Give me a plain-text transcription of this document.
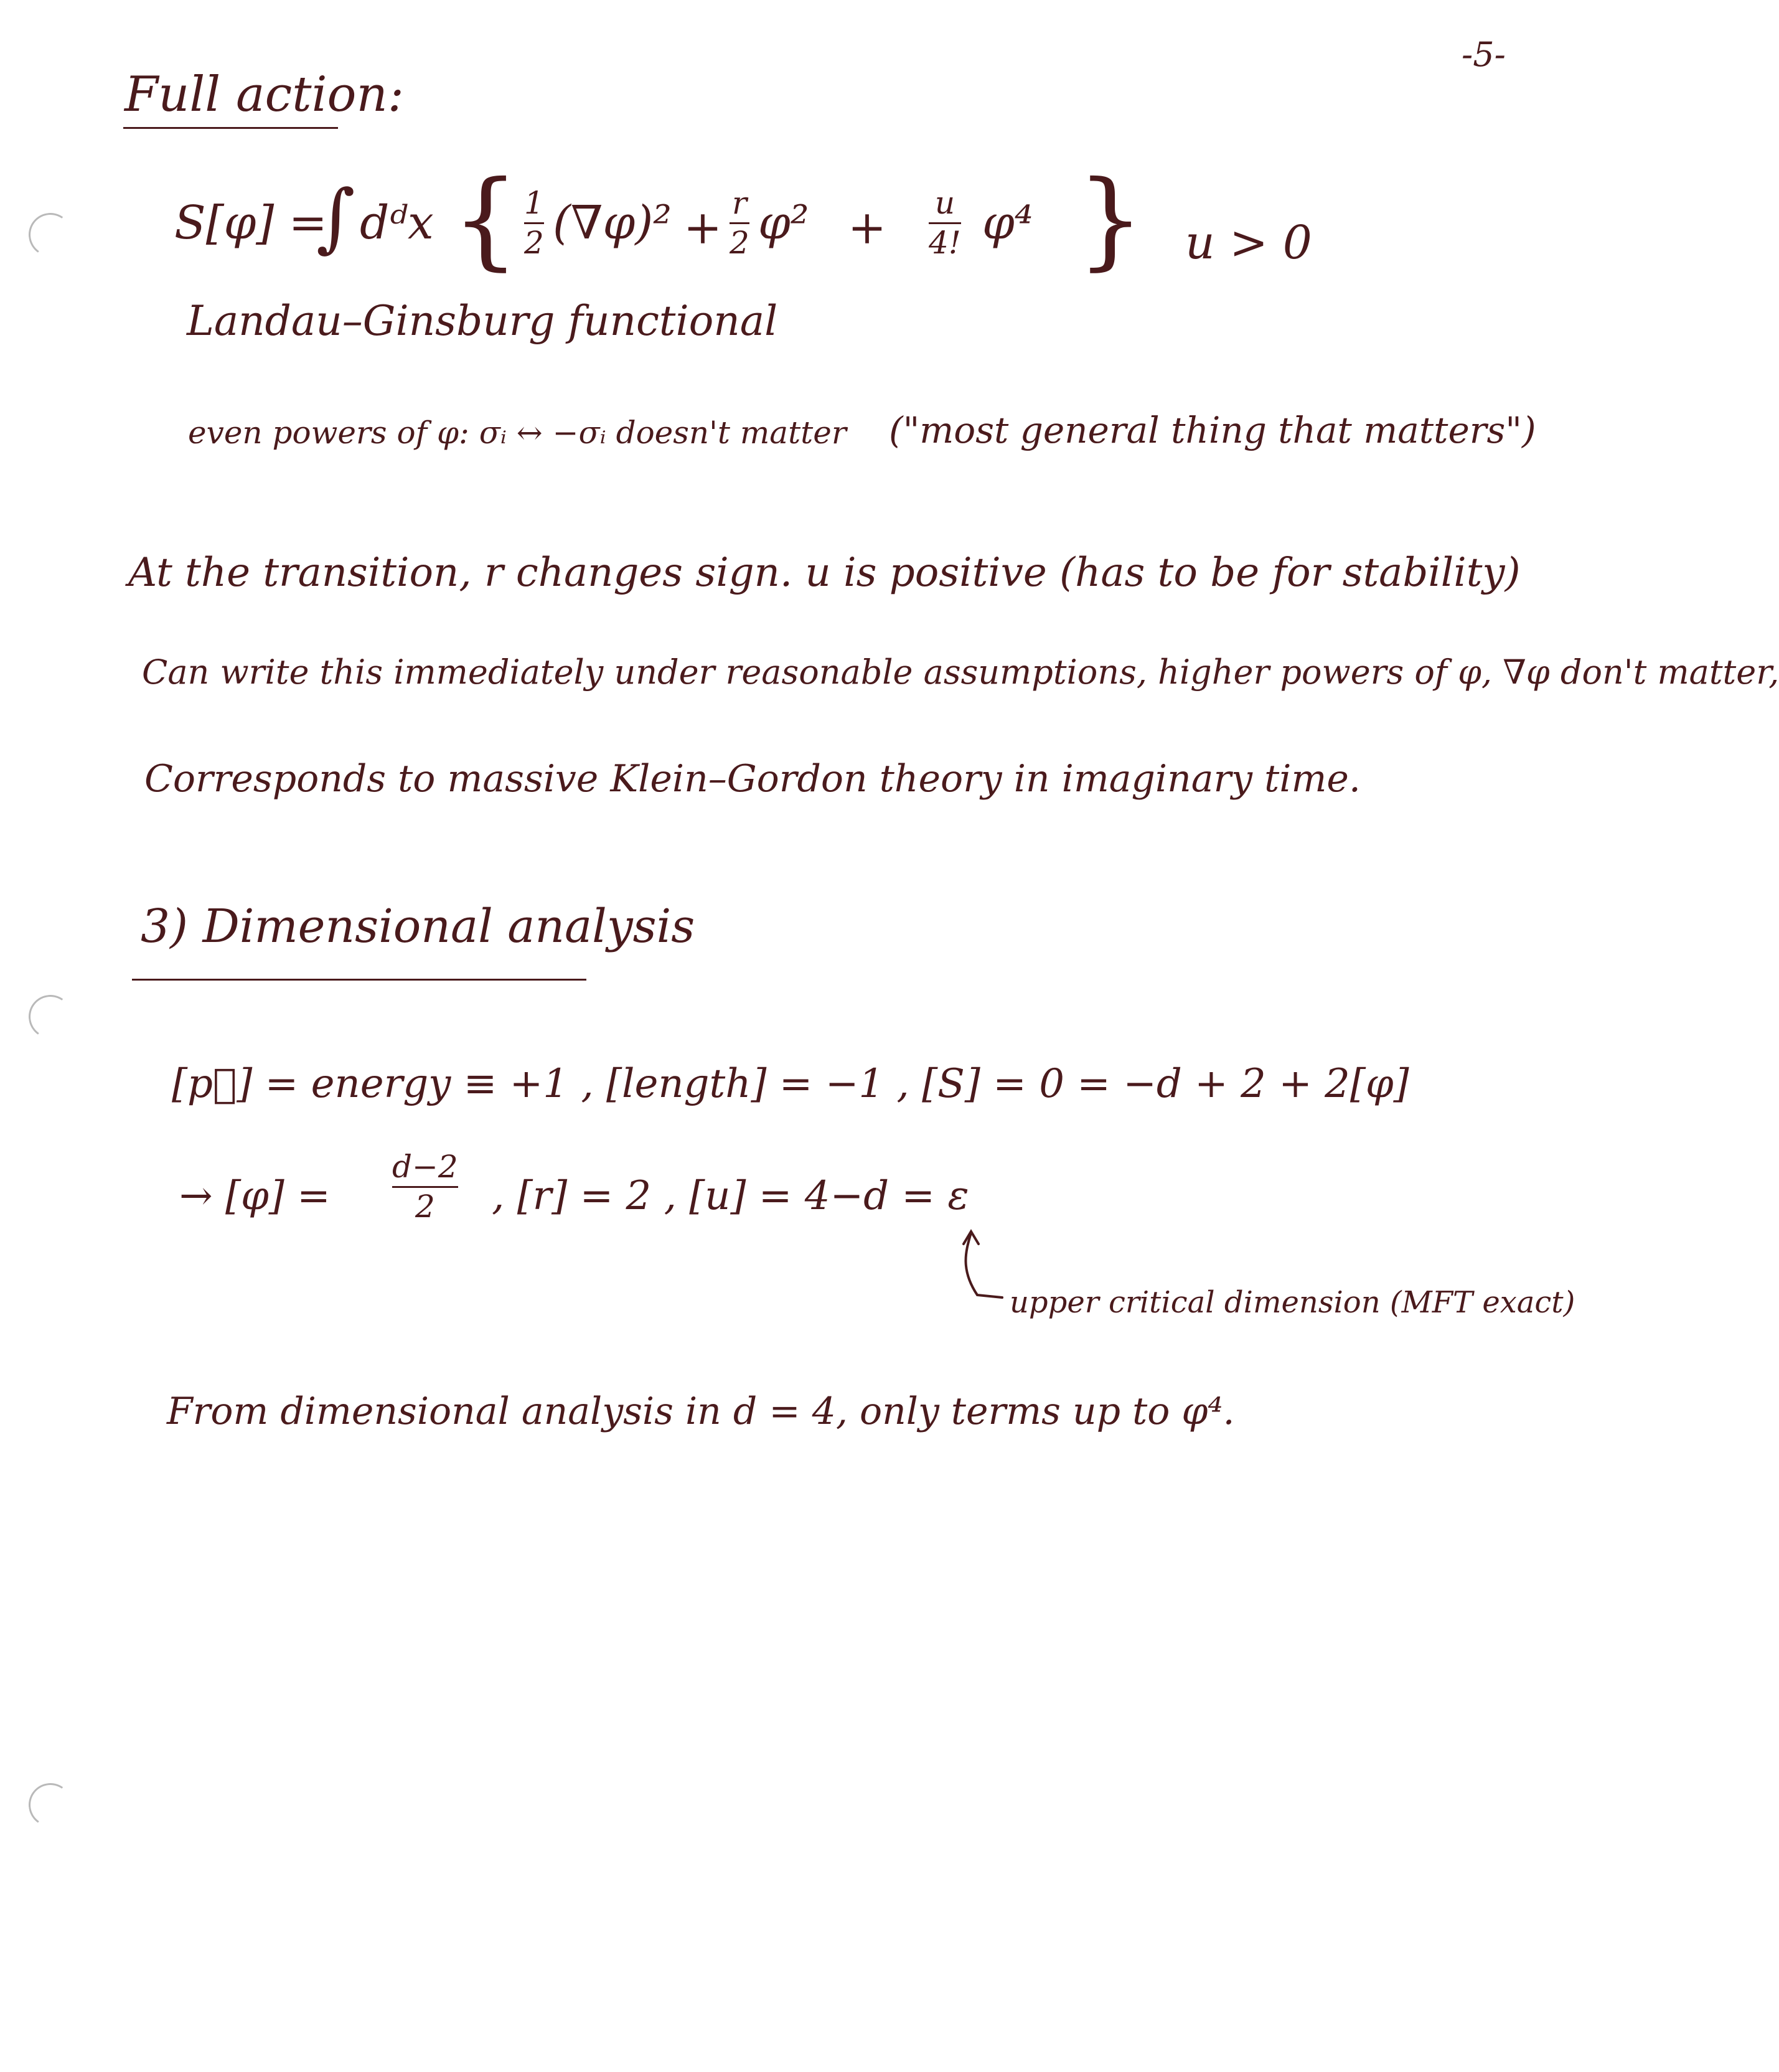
-5-
Full action:
S[φ] =
∫ dᵈx { 1
2 (∇φ)² + r
2 φ² + u
4! φ⁴ } u > 0
Landau–Ginsburg functional
even powers of φ: σᵢ ↔ −σᵢ doesn't matter ("most general thing that matters")
At the transition, r changes sign. u is positive (has to be for stability)
Can write this immediately under reasonable assumptions, higher powers of φ, ∇φ don't matter,
Corresponds to massive Klein–Gordon theory in imaginary time.
3) Dimensional analysis
[p⃗] = energy ≡ +1 , [length] = −1 , [S] = 0 = −d + 2 + 2[φ]
→ [φ] =
d−2
2 , [r] = 2 , [u] = 4−d = ε
upper critical dimension (MFT exact)
From dimensional analysis in d = 4, only terms up to φ⁴.
